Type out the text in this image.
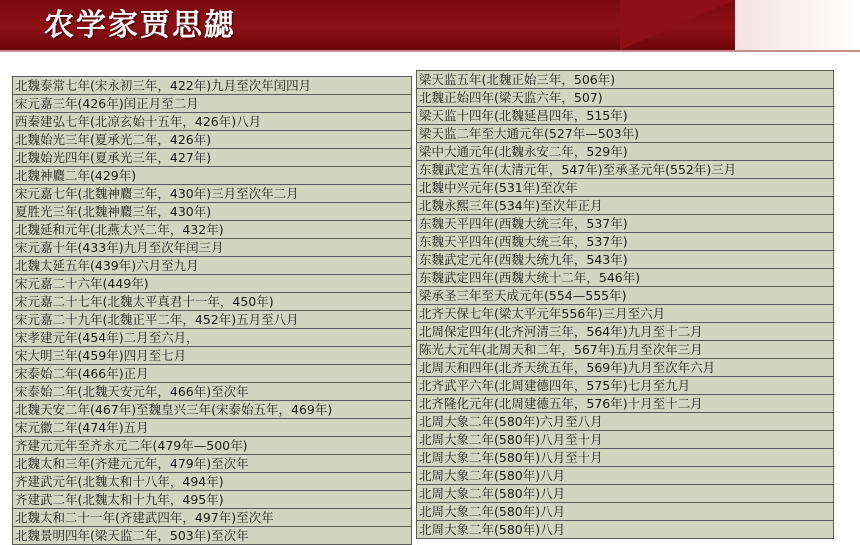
农学家贾思勰
北魏泰常七年(宋永初三年，422年)九月至次年闰四月
宋元嘉三年(426年)闰正月至二月
西秦建弘七年(北凉玄始十五年，426年)八月
北魏始光三年(夏承光二年，426年)
北魏始光四年(夏承光三年，427年)
北魏神麚二年(429年)
宋元嘉七年(北魏神麚三年，430年)三月至次年二月
夏胜光三年(北魏神麚三年，430年)
北魏延和元年(北燕太兴二年，432年)
宋元嘉十年(433年)九月至次年闰三月
北魏太延五年(439年)六月至九月
宋元嘉二十六年(449年)
宋元嘉二十七年(北魏太平真君十一年，450年)
宋元嘉二十九年(北魏正平二年，452年)五月至八月
宋孝建元年(454年)二月至六月，
宋大明三年(459年)四月至七月
宋泰始二年(466年)正月
宋泰始二年(北魏天安元年，466年)至次年
北魏天安二年(467年)至魏皇兴三年(宋泰始五年，469年)
宋元徽二年(474年)五月
齐建元元年至齐永元二年(479年—500年)
北魏太和三年(齐建元元年，479年)至次年
齐建武元年(北魏太和十八年，494年)
齐建武二年(北魏太和十九年，495年)
北魏太和二十一年(齐建武四年，497年)至次年
北魏景明四年(梁天监二年，503年)至次年
梁天监五年(北魏正始三年，506年)
北魏正始四年(梁天监六年，507)
梁天监十四年(北魏延昌四年，515年)
梁天监二年至大通元年(527年—503年)
梁中大通元年(北魏永安二年，529年)
东魏武定五年(太清元年，547年)至承圣元年(552年)三月
北魏中兴元年(531年)至次年
北魏永熙三年(534年)至次年正月
东魏天平四年(西魏大统三年，537年)
东魏天平四年(西魏大统三年，537年)
东魏武定元年(西魏大统九年，543年)
东魏武定四年(西魏大统十二年，546年)
梁承圣三年至天成元年(554—555年)
北齐天保七年(梁太平元年556年)三月至六月
北周保定四年(北齐河清三年，564年)九月至十二月
陈光大元年(北周天和二年，567年)五月至次年三月
北周天和四年(北齐天统五年，569年)九月至次年六月
北齐武平六年(北周建德四年，575年)七月至九月
北齐隆化元年(北周建德五年，576年)十月至十二月
北周大象二年(580年)六月至八月
北周大象二年(580年)八月至十月
北周大象二年(580年)八月至十月
北周大象二年(580年)八月
北周大象二年(580年)八月
北周大象二年(580年)八月
北周大象二年(580年)八月
